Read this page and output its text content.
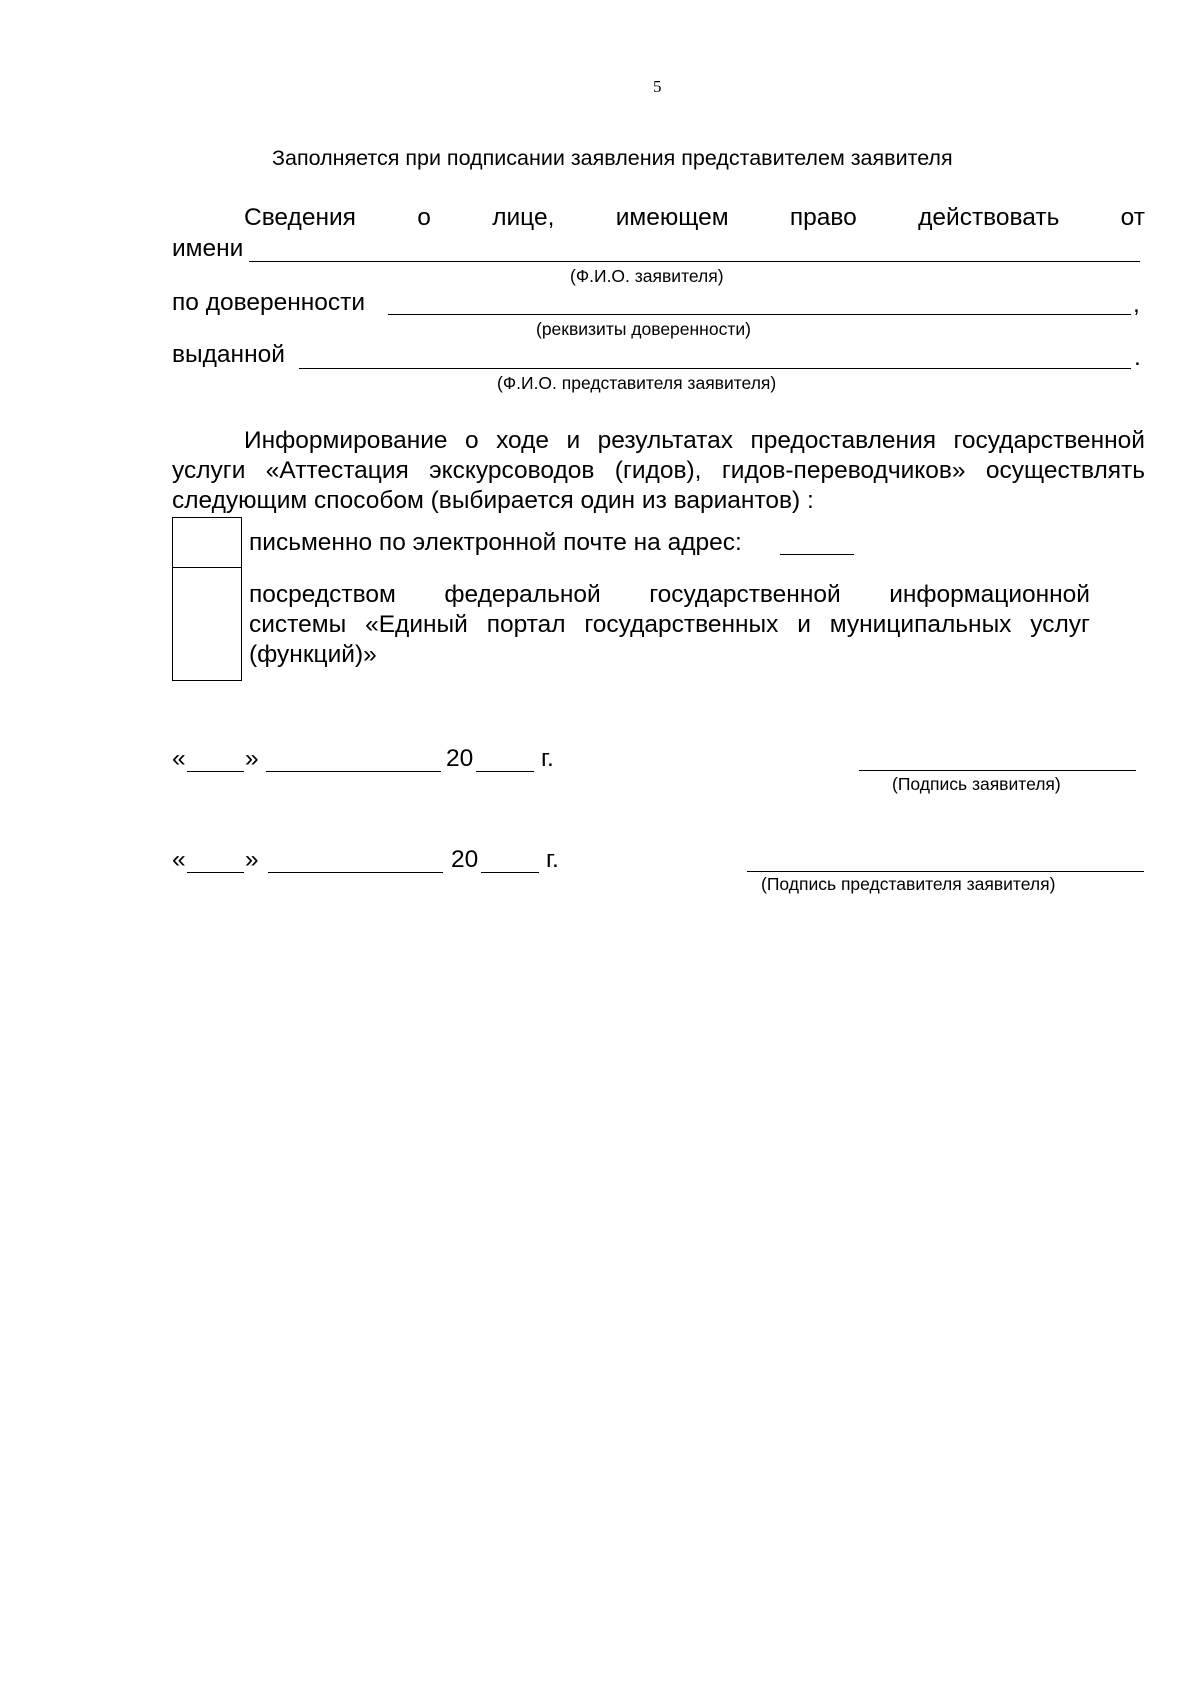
5
Заполняется при подписании заявления представителем заявителя
Сведения	о	лице,	имеющем	право	действовать	от
имени
(Ф.И.О. заявителя)
по доверенности	,
(реквизиты доверенности)
выданной	.
(Ф.И.О. представителя заявителя)
Информирование о ходе и результатах предоставления государственной
услуги «Аттестация экскурсоводов (гидов), гидов-переводчиков» осуществлять
следующим способом (выбирается один из вариантов) :
письменно по электронной почте на адрес:
посредством федеральной государственной информационной
системы «Единый портал государственных и муниципальных услуг
(функций)»
« »	20	г.
(Подпись заявителя)
« »	20	г.
(Подпись представителя заявителя)
